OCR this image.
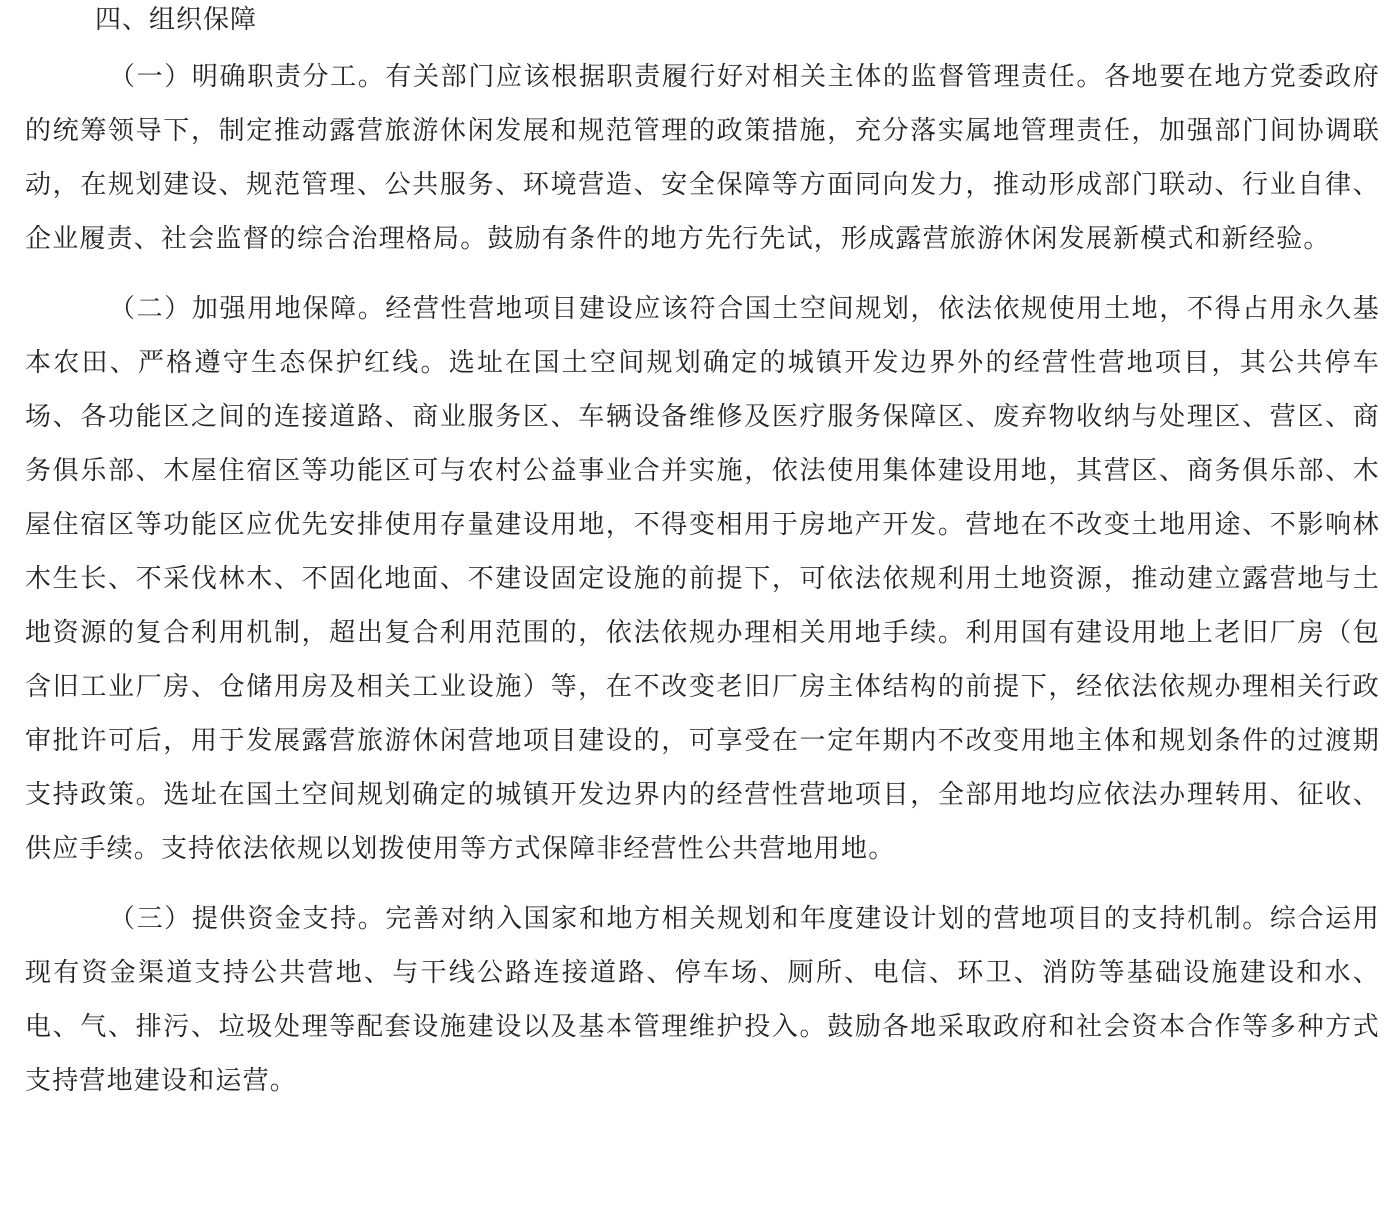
四、组织保障

（一）明确职责分工。有关部门应该根据职责履行好对相关主体的监督管理责任。各地要在地方党委政府的统筹领导下，制定推动露营旅游休闲发展和规范管理的政策措施，充分落实属地管理责任，加强部门间协调联动，在规划建设、规范管理、公共服务、环境营造、安全保障等方面同向发力，推动形成部门联动、行业自律、企业履责、社会监督的综合治理格局。鼓励有条件的地方先行先试，形成露营旅游休闲发展新模式和新经验。

（二）加强用地保障。经营性营地项目建设应该符合国土空间规划，依法依规使用土地，不得占用永久基本农田、严格遵守生态保护红线。选址在国土空间规划确定的城镇开发边界外的经营性营地项目，其公共停车场、各功能区之间的连接道路、商业服务区、车辆设备维修及医疗服务保障区、废弃物收纳与处理区、营区、商务俱乐部、木屋住宿区等功能区可与农村公益事业合并实施，依法使用集体建设用地，其营区、商务俱乐部、木屋住宿区等功能区应优先安排使用存量建设用地，不得变相用于房地产开发。营地在不改变土地用途、不影响林木生长、不采伐林木、不固化地面、不建设固定设施的前提下，可依法依规利用土地资源，推动建立露营地与土地资源的复合利用机制，超出复合利用范围的，依法依规办理相关用地手续。利用国有建设用地上老旧厂房（包含旧工业厂房、仓储用房及相关工业设施）等，在不改变老旧厂房主体结构的前提下，经依法依规办理相关行政审批许可后，用于发展露营旅游休闲营地项目建设的，可享受在一定年期内不改变用地主体和规划条件的过渡期支持政策。选址在国土空间规划确定的城镇开发边界内的经营性营地项目，全部用地均应依法办理转用、征收、供应手续。支持依法依规以划拨使用等方式保障非经营性公共营地用地。

（三）提供资金支持。完善对纳入国家和地方相关规划和年度建设计划的营地项目的支持机制。综合运用现有资金渠道支持公共营地、与干线公路连接道路、停车场、厕所、电信、环卫、消防等基础设施建设和水、电、气、排污、垃圾处理等配套设施建设以及基本管理维护投入。鼓励各地采取政府和社会资本合作等多种方式支持营地建设和运营。
